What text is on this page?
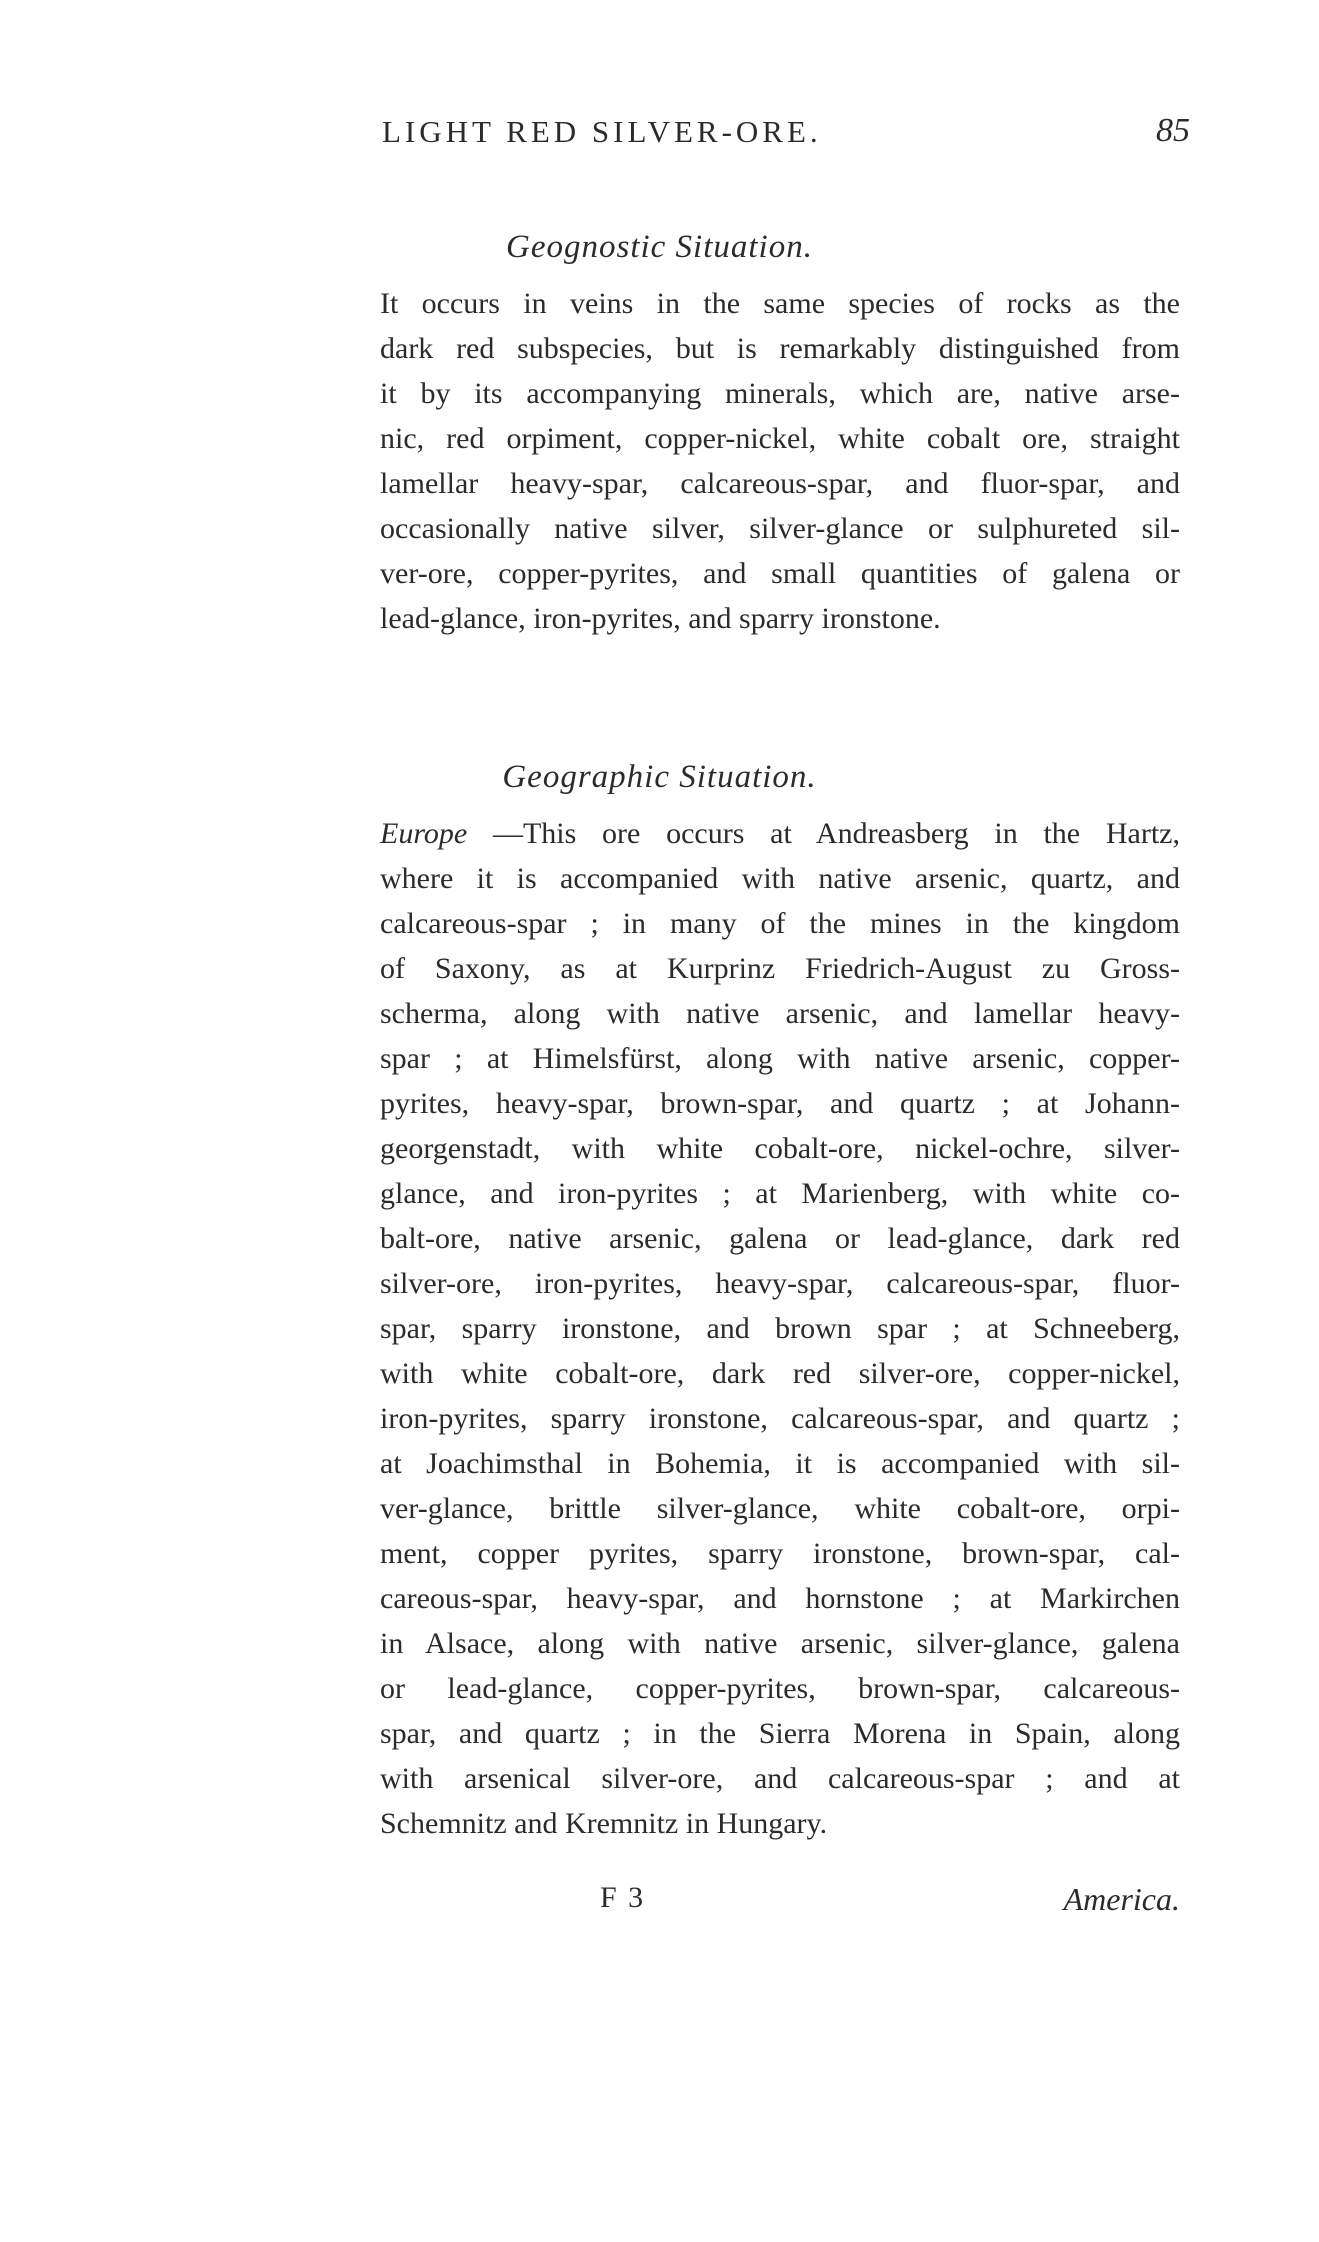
LIGHT RED SILVER-ORE.	85
Geognostic Situation.
It occurs in veins in the same species of rocks as the
dark red subspecies, but is remarkably distinguished from
it by its accompanying minerals, which are, native arse-
nic, red orpiment, copper-nickel, white cobalt ore, straight
lamellar heavy-spar, calcareous-spar, and fluor-spar, and
occasionally native silver, silver-glance or sulphureted sil-
ver-ore, copper-pyrites, and small quantities of galena or
lead-glance, iron-pyrites, and sparry ironstone.
Geographic Situation.
Europe —This ore occurs at Andreasberg in the Hartz,
where it is accompanied with native arsenic, quartz, and
calcareous-spar ; in many of the mines in the kingdom
of Saxony, as at Kurprinz Friedrich-August zu Gross-
scherma, along with native arsenic, and lamellar heavy-
spar ; at Himelsfürst, along with native arsenic, copper-
pyrites, heavy-spar, brown-spar, and quartz ; at Johann-
georgenstadt, with white cobalt-ore, nickel-ochre, silver-
glance, and iron-pyrites ; at Marienberg, with white co-
balt-ore, native arsenic, galena or lead-glance, dark red
silver-ore, iron-pyrites, heavy-spar, calcareous-spar, fluor-
spar, sparry ironstone, and brown spar ; at Schneeberg,
with white cobalt-ore, dark red silver-ore, copper-nickel,
iron-pyrites, sparry ironstone, calcareous-spar, and quartz ;
at Joachimsthal in Bohemia, it is accompanied with sil-
ver-glance, brittle silver-glance, white cobalt-ore, orpi-
ment, copper pyrites, sparry ironstone, brown-spar, cal-
careous-spar, heavy-spar, and hornstone ; at Markirchen
in Alsace, along with native arsenic, silver-glance, galena
or lead-glance, copper-pyrites, brown-spar, calcareous-
spar, and quartz ; in the Sierra Morena in Spain, along
with arsenical silver-ore, and calcareous-spar ; and at
Schemnitz and Kremnitz in Hungary.
F 3	America.
